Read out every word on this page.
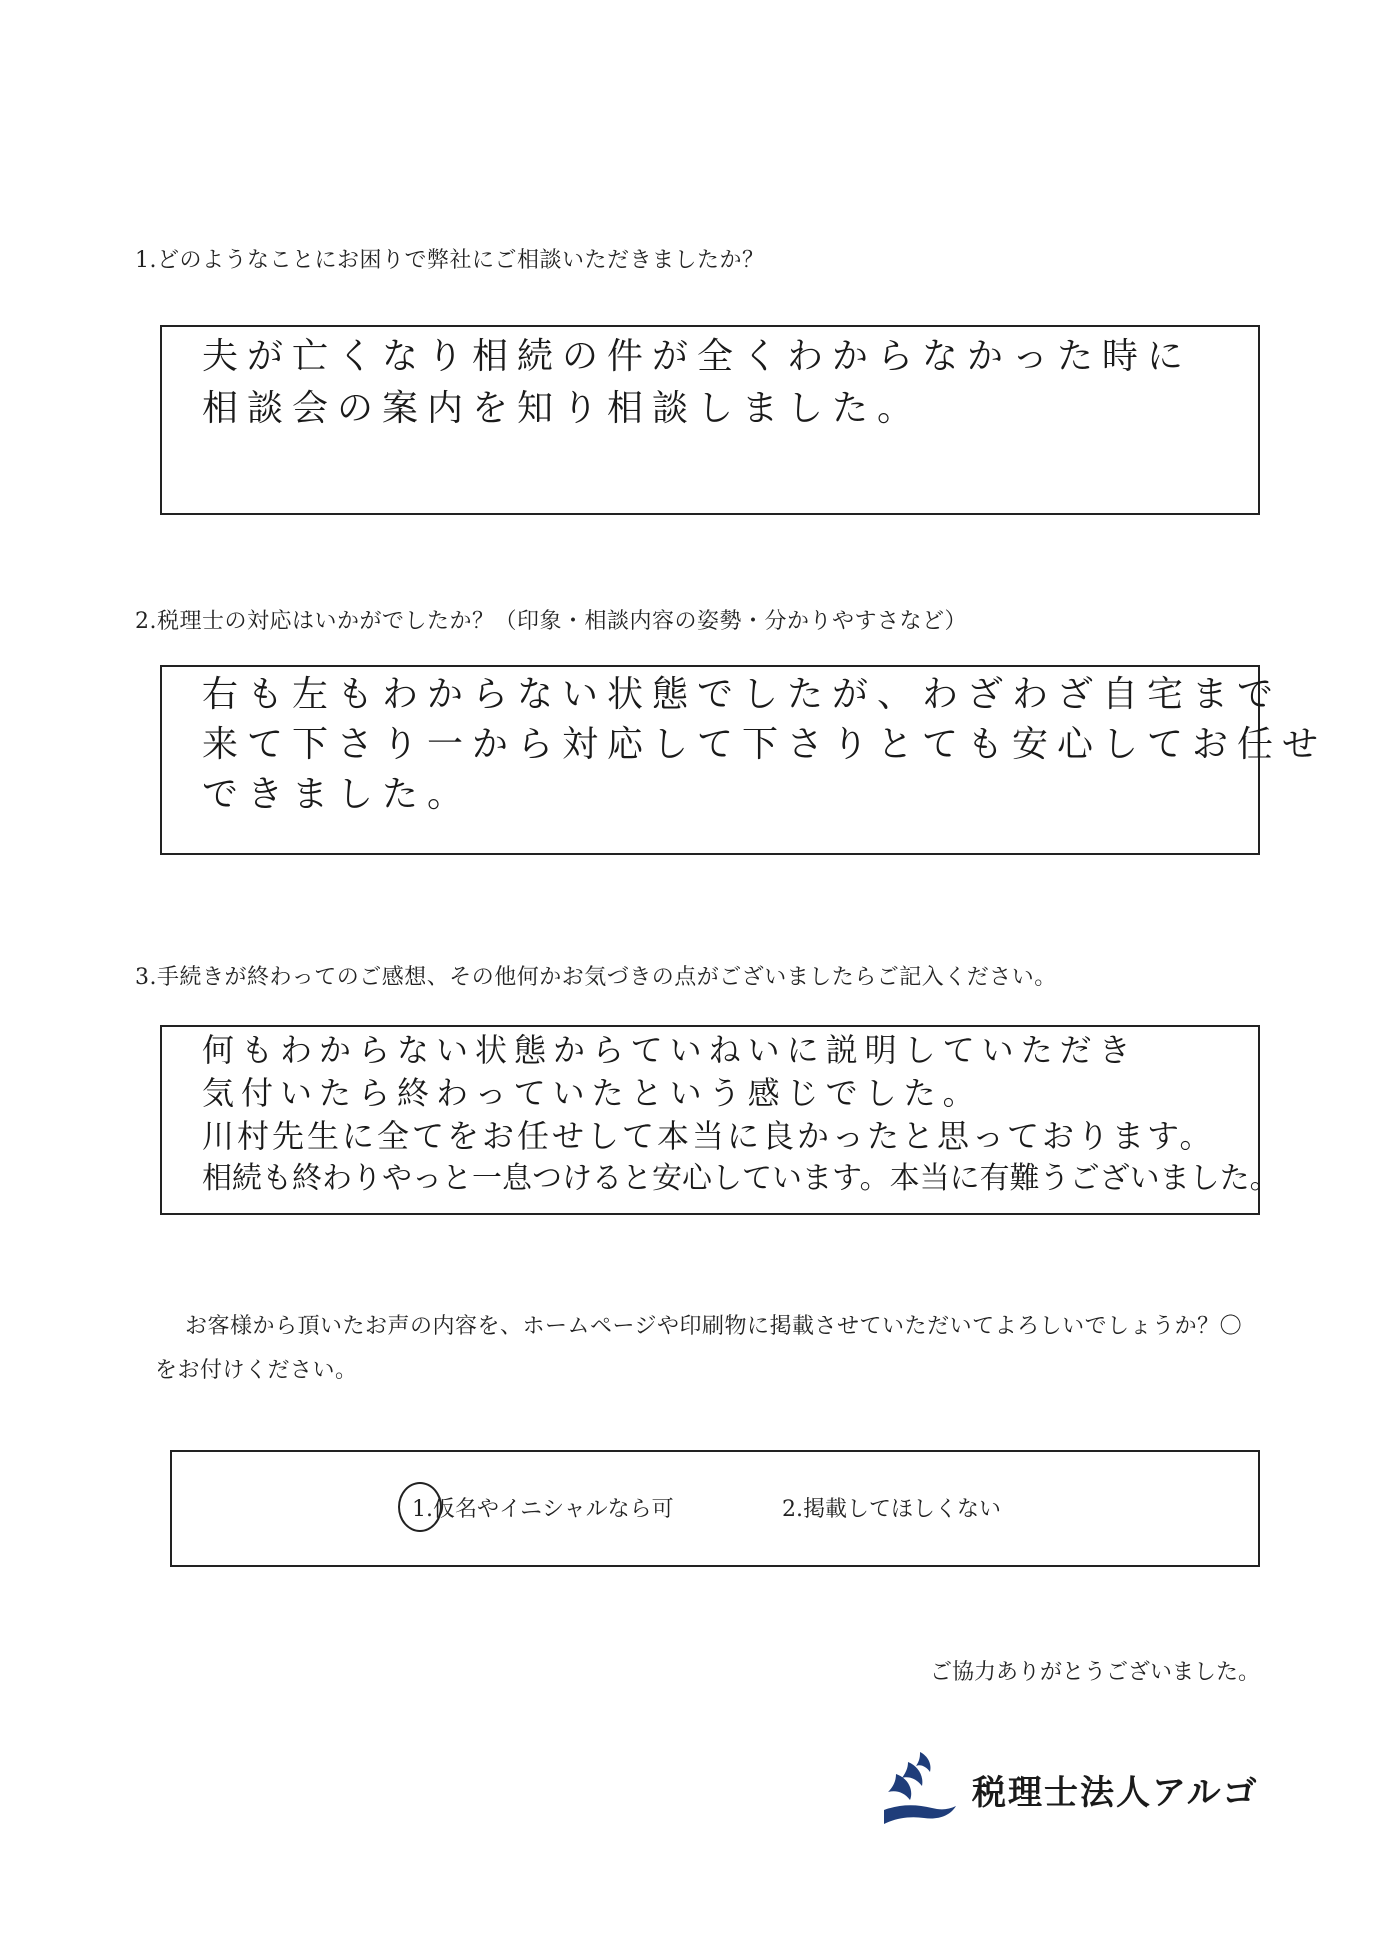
1.どのようなことにお困りで弊社にご相談いただきましたか？
夫が亡くなり相続の件が全くわからなかった時に
相談会の案内を知り相談しました。
2.税理士の対応はいかがでしたか？（印象・相談内容の姿勢・分かりやすさなど）
右も左もわからない状態でしたが、わざわざ自宅まで
来て下さり一から対応して下さりとても安心してお任せ
できました。
3.手続きが終わってのご感想、その他何かお気づきの点がございましたらご記入ください。
何もわからない状態からていねいに説明していただき
気付いたら終わっていたという感じでした。
川村先生に全てをお任せして本当に良かったと思っております。
相続も終わりやっと一息つけると安心しています。本当に有難うございました。
お客様から頂いたお声の内容を、ホームページや印刷物に掲載させていただいてよろしいでしょうか？〇をお付けください。
1.仮名やイニシャルなら可	2.掲載してほしくない
ご協力ありがとうございました。
税理士法人アルゴ
